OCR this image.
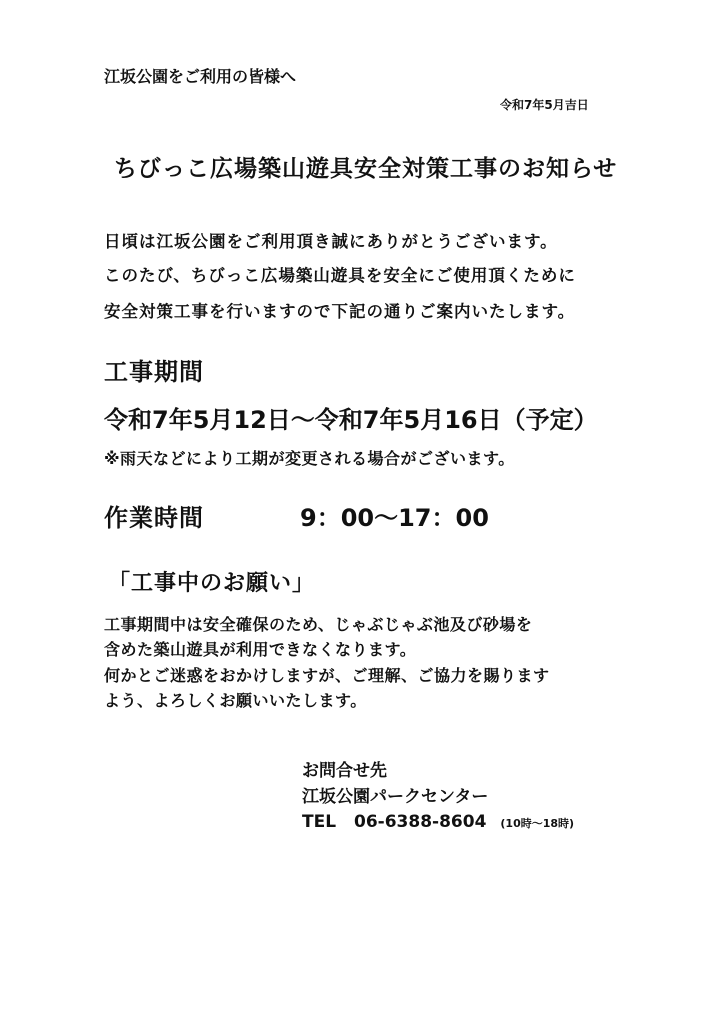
江坂公園をご利用の皆様へ
令和7年5月吉日
ちびっこ広場築山遊具安全対策工事のお知らせ
日頃は江坂公園をご利用頂き誠にありがとうございます。
このたび、ちびっこ広場築山遊具を安全にご使用頂くために
安全対策工事を行いますので下記の通りご案内いたします。
工事期間
令和7年5月12日～令和7年5月16日（予定）
※雨天などにより工期が変更される場合がございます。
作業時間	9：00～17：00
「工事中のお願い」
工事期間中は安全確保のため、じゃぶじゃぶ池及び砂場を
含めた築山遊具が利用できなくなります。
何かとご迷惑をおかけしますが、ご理解、ご協力を賜ります
よう、よろしくお願いいたします。
お問合せ先
江坂公園パークセンター
TEL 06-6388-8604 (10時～18時)
